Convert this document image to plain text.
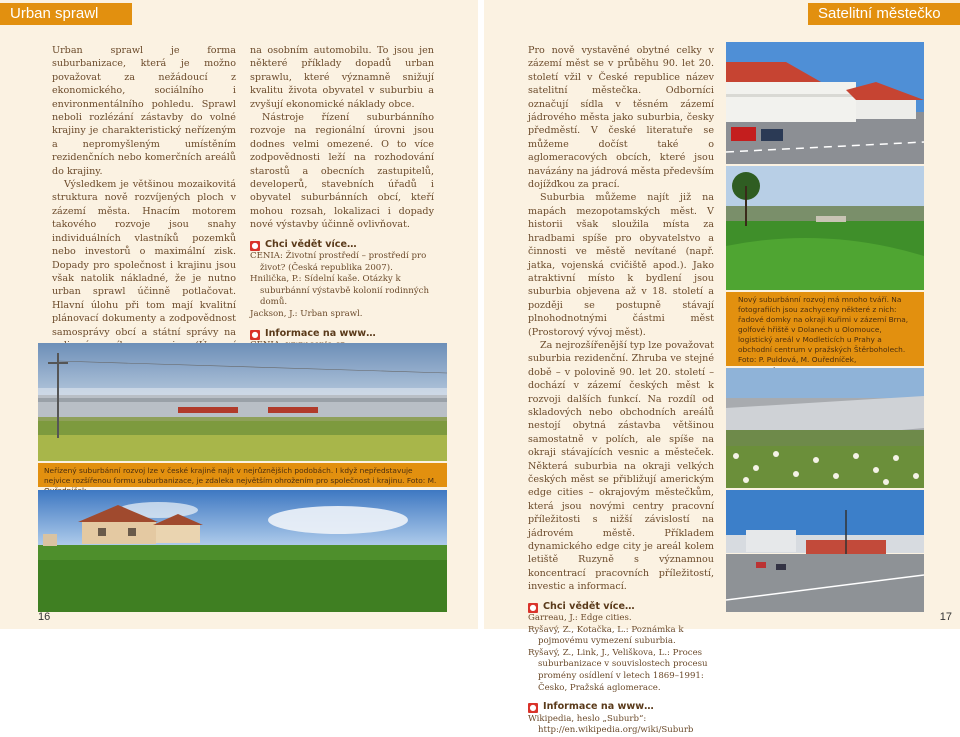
Urban sprawl

Urban sprawl je forma suburbanizace, která je možno považovat za nežádoucí z ekonomického, sociálního i environmentálního pohledu. Sprawl neboli rozlézání zástavby do volné krajiny je charakteristický neřízeným a nepromyšleným umístěním rezidenčních nebo komerčních areálů do krajiny.

Výsledkem je většinou mozaikovitá struktura nově rozvíjených ploch v zázemí města. Hnacím motorem takového rozvoje jsou snahy individuálních vlastníků pozemků nebo investorů o maximální zisk. Dopady pro společnost i krajinu jsou však natolik nákladné, že je nutno urban sprawl účinně potlačovat. Hlavní úlohu při tom mají kvalitní plánovací dokumenty a zodpovědnost samosprávy obcí a státní správy na

na osobním automobilu. To jsou jen některé příklady dopadů urban sprawlu, které významně snižují kvalitu života obyvatel v suburbiu a zvyšují ekonomické náklady obce.

Nástroje řízení suburbánního rozvoje na regionální úrovni jsou dodnes velmi omezené. O to více zodpovědnosti leží na rozhodování starostů a obecních zastupitelů, developerů, stavebních úřadů i obyvatel suburbánních obcí, kteří mohou rozsah, lokalizaci i dopady nové výstavby účinně ovlivňovat.

● Chci vědět více…
CENIA: Životní prostředí – prostředí pro život? (Česká republika 2007).
Hnilička, P.: Sídelní kaše. Otázky k suburbánní výstavbě kolonií rodinných domů.
Jackson, J.: Urban sprawl.
● Informace na www…
Neřízený suburbánní rozvoj lze v české krajině najít v nejrůznějších podobách. I když nepředstavuje nejvice rozšířenou formu suburbanizace, je zdaleka největším ohrožením pro společnost i krajinu. Foto: M.
16
Satelitní městečko

Pro nově vystavěné obytné celky v zázemí měst se v průběhu 90. let 20. století vžil v České republice název satelitní městečka. Odborníci označují sídla v těsném zázemí jádrového města jako suburbia, česky předměstí. V české literatuře se můžeme dočíst také o aglomeracových obcích, které jsou navázány na jádrová města především dojížďkou za prací.

Suburbia můžeme najít již na mapách mezopotamských měst. V historii však sloužila místa za hradbami spíše pro obyvatelstvo a činnosti ve městě nevítané (např. jatka, vojenská cvičiště apod.). Jako atraktivní místo k bydlení jsou suburbia objevena až v 18. století a později se postupně stávají plnohodnotnými částmi měst (Prostorový vývoj měst).

Za nejrozšířenější typ lze považovat suburbia rezidenční. Zhruba ve stejné době – v polovině 90. let 20. století – dochází v zázemí českých měst k rozvoji dalších funkcí. Na rozdíl od skladových nebo obchodních areálů nestojí obytná zástavba většinou samostatně v polích, ale spíše na okraji stávajících vesnic a městeček. Některá suburbia na okraji velkých českých měst se přibližují americkým edge cities – okrajovým městečkům, která jsou novými centry pracovní příležitosti s nižší závislostí na jádrovém městě. Příkladem dynamického edge city je areál kolem letiště Ruzyně s významnou koncentrací pracovních příležitostí, investic a informací.

● Chci vědět více…
Garreau, J.: Edge cities.
Ryšavý, Z., Kotačka, L.: Poznámka k pojmovému vymezení suburbia.
Ryšavý, Z., Link, J., Veliškova, L.: Proces suburbanizace v souvislostech procesu promény osídlení v letech 1869–1991: Česko, Pražská aglomerace.
● Informace na www…
Wikipedia, heslo „Suburb“: http://en.wikipedia.org/wiki/Suburb
Nový suburbánní rozvoj má mnoho tváří. Na fotografiích jsou zachyceny některé z nich: řadové domky na okraji Kuřimi v zázemí Brna, golfové hřiště v Dolanech u Olomouce, logistický areál v Modleticích u Prahy a obchodní centrum v pražských Štěrboholech. Foto: P. Puldová, M. Ouředníček,
17
